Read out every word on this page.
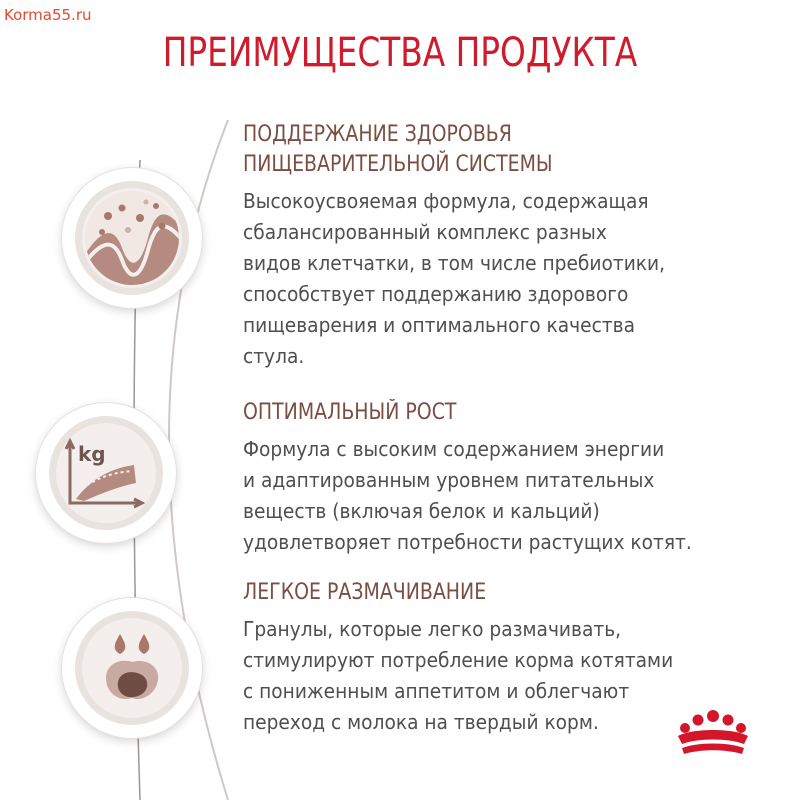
Korma55.ru
ПРЕИМУЩЕСТВА ПРОДУКТА
kg
ПОДДЕРЖАНИЕ ЗДОРОВЬЯ
ПИЩЕВАРИТЕЛЬНОЙ СИСТЕМЫ
Высокоусвояемая формула, содержащая
сбалансированный комплекс разных
видов клетчатки, в том числе пребиотики,
способствует поддержанию здорового
пищеварения и оптимального качества
стула.
ОПТИМАЛЬНЫЙ РОСТ
Формула с высоким содержанием энергии
и адаптированным уровнем питательных
веществ (включая белок и кальций)
удовлетворяет потребности растущих котят.
ЛЕГКОЕ РАЗМАЧИВАНИЕ
Гранулы, которые легко размачивать,
стимулируют потребление корма котятами
с пониженным аппетитом и облегчают
переход с молока на твердый корм.
